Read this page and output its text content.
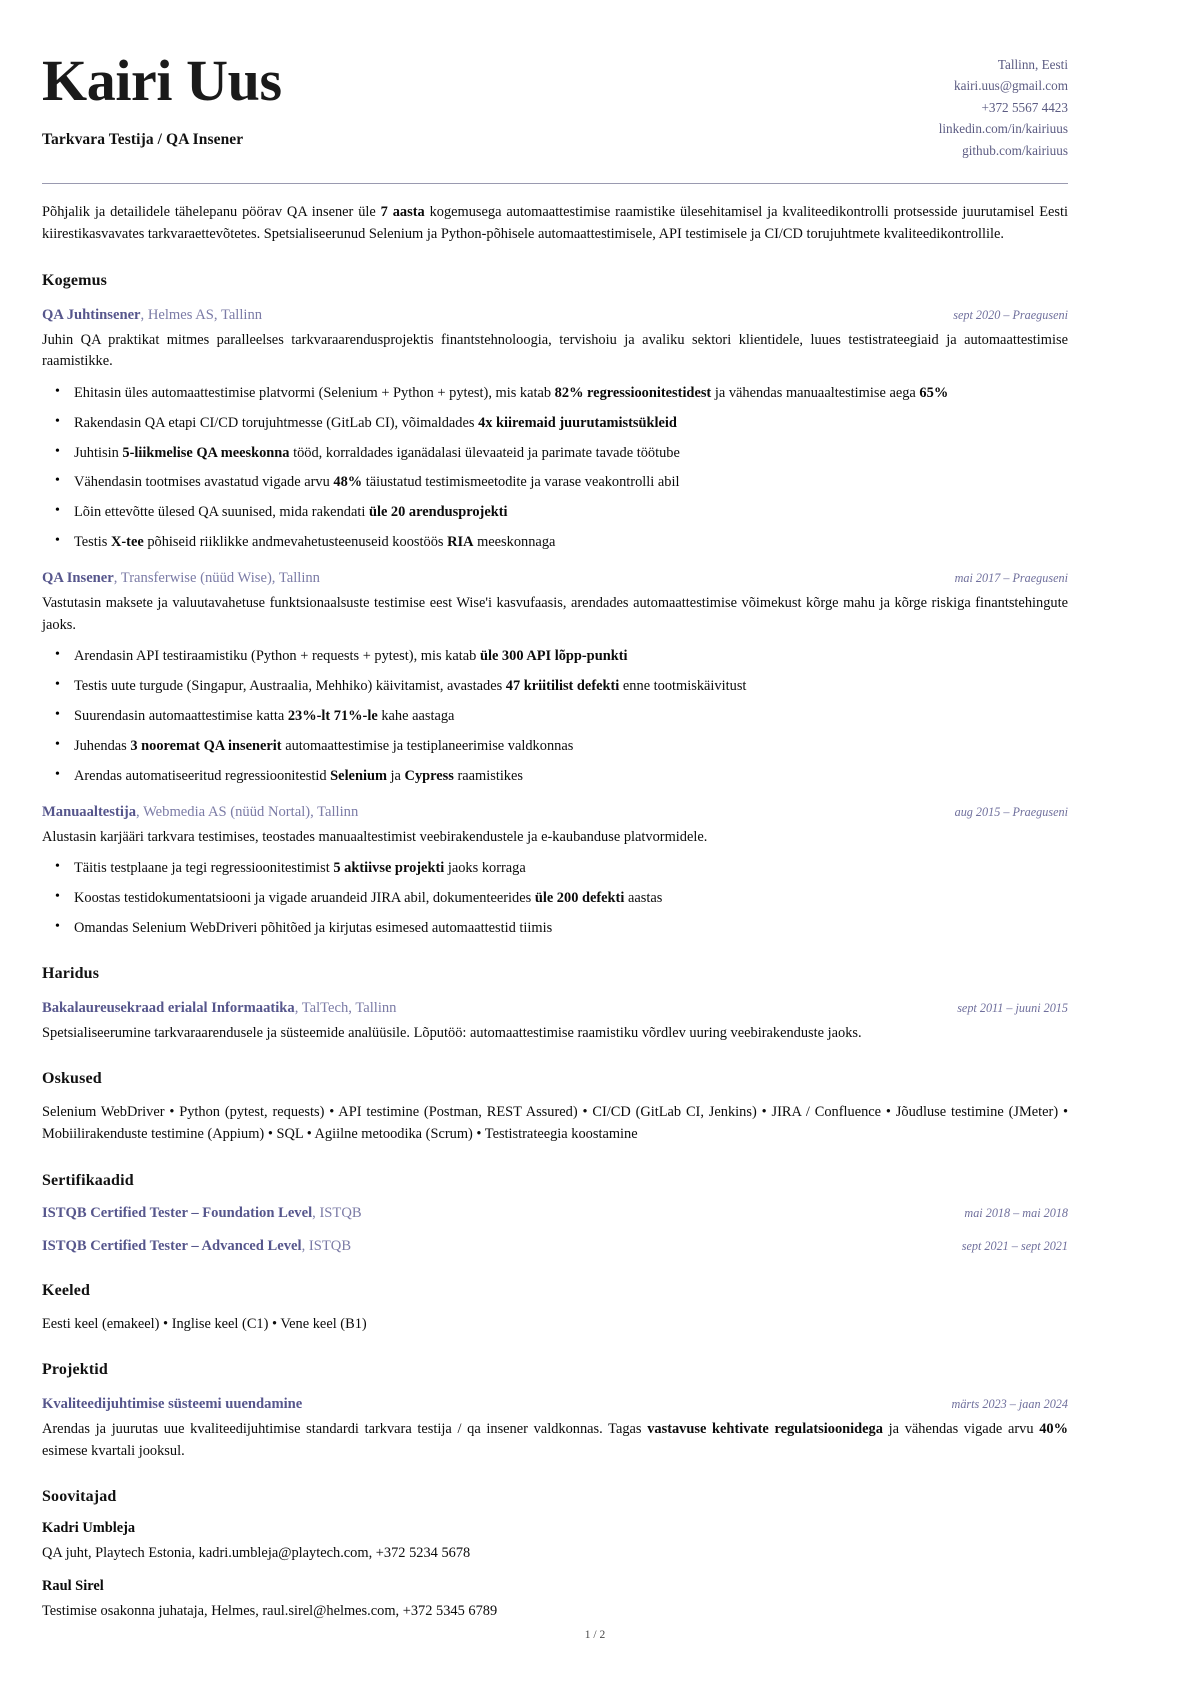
Kairi Uus
Tarkvara Testija / QA Insener
Tallinn, Eesti
kairi.uus@gmail.com
+372 5567 4423
linkedin.com/in/kairiuus
github.com/kairiuus
Põhjalik ja detailidele tähelepanu pöörav QA insener üle 7 aasta kogemusega automaattestimise raamistike ülesehitamisel ja kvaliteedikontrolli protsesside juurutamisel Eesti kiirestikasvavates tarkvaraettevõtetes. Spetsialiseerunud Selenium ja Python-põhisele automaattestimisele, API testimisele ja CI/CD torujuhtmete kvaliteedikontrollile.
Kogemus
QA Juhtinsener, Helmes AS, Tallinn	sept 2020 – Praeguseni
Juhin QA praktikat mitmes paralleelses tarkvaraarendusprojektis finantstehnoloogia, tervishoiu ja avaliku sektori klientidele, luues testistrateegiaid ja automaattestimise raamistikke.
• Ehitasin üles automaattestimise platvormi (Selenium + Python + pytest), mis katab 82% regressioonitestidest ja vähendas manuaaltestimise aega 65%
• Rakendasin QA etapi CI/CD torujuhtmesse (GitLab CI), võimaldades 4x kiiremaid juurutamistsükleid
• Juhtisin 5-liikmelise QA meeskonna tööd, korraldades iganädalasi ülevaateid ja parimate tavade töötube
• Vähendasin tootmises avastatud vigade arvu 48% täiustatud testimismeetodite ja varase veakontrolli abil
• Lõin ettevõtte ülesed QA suunised, mida rakendati üle 20 arendusprojekti
• Testis X-tee põhiseid riiklikke andmevahetusteenuseid koostöös RIA meeskonnaga
QA Insener, Transferwise (nüüd Wise), Tallinn	mai 2017 – Praeguseni
Vastutasin maksete ja valuutavahetuse funktsionaalsuste testimise eest Wise'i kasvufaasis, arendades automaattestimise võimekust kõrge mahu ja kõrge riskiga finantstehingute jaoks.
• Arendasin API testiraamistiku (Python + requests + pytest), mis katab üle 300 API lõpp-punkti
• Testis uute turgude (Singapur, Austraalia, Mehhiko) käivitamist, avastades 47 kriitilist defekti enne tootmiskäivitust
• Suurendasin automaattestimise katta 23%-lt 71%-le kahe aastaga
• Juhendas 3 nooremat QA insenerit automaattestimise ja testiplaneerimise valdkonnas
• Arendas automatiseeritud regressioonitestid Selenium ja Cypress raamistikes
Manuaaltestija, Webmedia AS (nüüd Nortal), Tallinn	aug 2015 – Praeguseni
Alustasin karjääri tarkvara testimises, teostades manuaaltestimist veebirakendustele ja e-kaubanduse platvormidele.
• Täitis testplaane ja tegi regressioonitestimist 5 aktiivse projekti jaoks korraga
• Koostas testidokumentatsiooni ja vigade aruandeid JIRA abil, dokumenteerides üle 200 defekti aastas
• Omandas Selenium WebDriveri põhitõed ja kirjutas esimesed automaattestid tiimis
Haridus
Bakalaureusekraad erialal Informaatika, TalTech, Tallinn	sept 2011 – juuni 2015
Spetsialiseerumine tarkvaraarendusele ja süsteemide analüüsile. Lõputöö: automaattestimise raamistiku võrdlev uuring veebirakenduste jaoks.
Oskused
Selenium WebDriver • Python (pytest, requests) • API testimine (Postman, REST Assured) • CI/CD (GitLab CI, Jenkins) • JIRA / Confluence • Jõudluse testimine (JMeter) • Mobiilirakenduste testimine (Appium) • SQL • Agiilne metoodika (Scrum) • Testistrateegia koostamine
Sertifikaadid
ISTQB Certified Tester – Foundation Level, ISTQB	mai 2018 – mai 2018
ISTQB Certified Tester – Advanced Level, ISTQB	sept 2021 – sept 2021
Keeled
Eesti keel (emakeel) • Inglise keel (C1) • Vene keel (B1)
Projektid
Kvaliteedijuhtimise süsteemi uuendamine	märts 2023 – jaan 2024
Arendas ja juurutas uue kvaliteedijuhtimise standardi tarkvara testija / qa insener valdkonnas. Tagas vastavuse kehtivate regulatsioonidega ja vähendas vigade arvu 40% esimese kvartali jooksul.
Soovitajad
Kadri Umbleja
QA juht, Playtech Estonia, kadri.umbleja@playtech.com, +372 5234 5678
Raul Sirel
Testimise osakonna juhataja, Helmes, raul.sirel@helmes.com, +372 5345 6789
1 / 2
